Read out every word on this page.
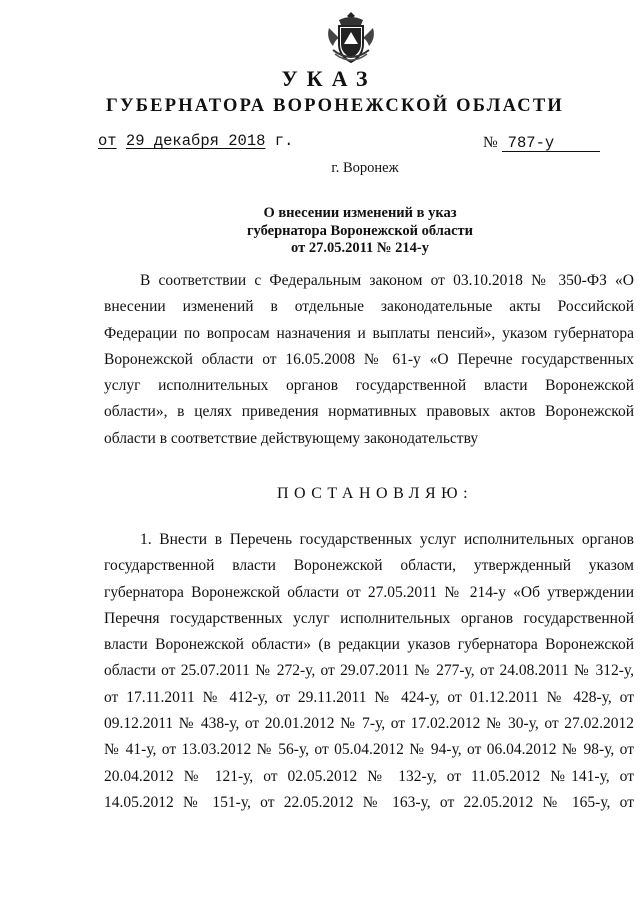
УКАЗ
ГУБЕРНАТОРА ВОРОНЕЖСКОЙ ОБЛАСТИ
от 29 декабря 2018 г.	№ 787-у
г. Воронеж
О внесении изменений в указ
губернатора Воронежской области
от 27.05.2011 № 214-у
В соответствии с Федеральным законом от 03.10.2018 № 350-ФЗ «О
внесении изменений в отдельные законодательные акты Российской
Федерации по вопросам назначения и выплаты пенсий», указом губернатора
Воронежской области от 16.05.2008 № 61-у «О Перечне государственных
услуг исполнительных органов государственной власти Воронежской
области», в целях приведения нормативных правовых актов Воронежской
области в соответствие действующему законодательству
ПОСТАНОВЛЯЮ:
1. Внести в Перечень государственных услуг исполнительных органов
государственной власти Воронежской области, утвержденный указом
губернатора Воронежской области от 27.05.2011 № 214-у «Об утверждении
Перечня государственных услуг исполнительных органов государственной
власти Воронежской области» (в редакции указов губернатора Воронежской
области от 25.07.2011 № 272-у, от 29.07.2011 № 277-у, от 24.08.2011 № 312-у,
от 17.11.2011 № 412-у, от 29.11.2011 № 424-у, от 01.12.2011 № 428-у, от
09.12.2011 № 438-у, от 20.01.2012 № 7-у, от 17.02.2012 № 30-у, от 27.02.2012
№ 41-у, от 13.03.2012 № 56-у, от 05.04.2012 № 94-у, от 06.04.2012 № 98-у, от
20.04.2012 № 121-у, от 02.05.2012 № 132-у, от 11.05.2012 №141-у, от
14.05.2012 № 151-у, от 22.05.2012 № 163-у, от 22.05.2012 № 165-у, от
